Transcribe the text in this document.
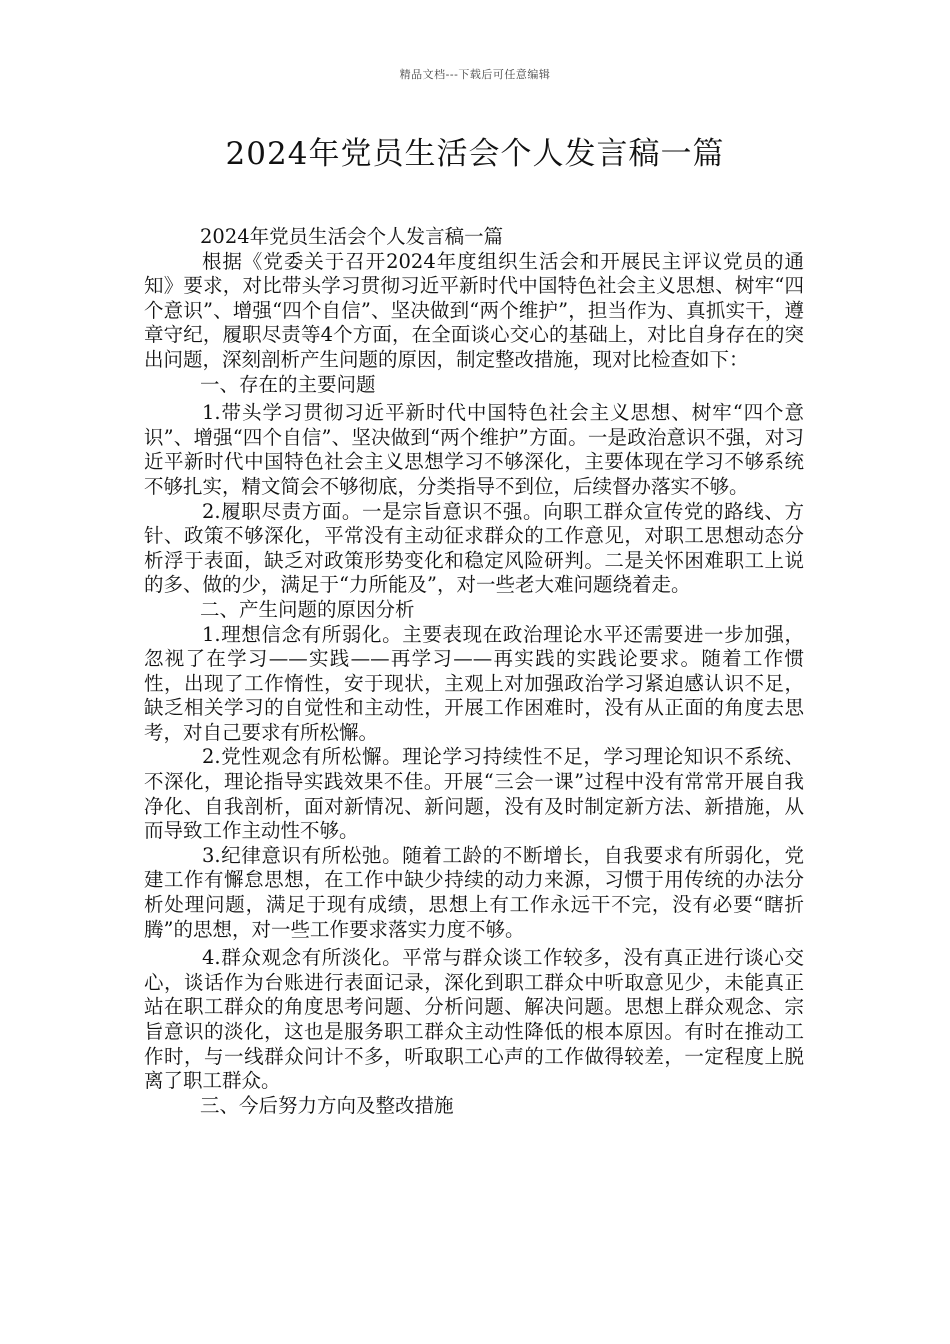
精品文档---下载后可任意编辑
2024年党员生活会个人发言稿一篇

2024年党员生活会个人发言稿一篇

根据《党委关于召开2024年度组织生活会和开展民主评议党员的通知》要求，对比带头学习贯彻习近平新时代中国特色社会主义思想、树牢“四个意识”、增强“四个自信”、坚决做到“两个维护”，担当作为、真抓实干，遵章守纪，履职尽责等4个方面，在全面谈心交心的基础上，对比自身存在的突出问题，深刻剖析产生问题的原因，制定整改措施，现对比检查如下：

一、存在的主要问题

1.带头学习贯彻习近平新时代中国特色社会主义思想、树牢“四个意识”、增强“四个自信”、坚决做到“两个维护”方面。一是政治意识不强，对习近平新时代中国特色社会主义思想学习不够深化，主要体现在学习不够系统不够扎实，精文简会不够彻底，分类指导不到位，后续督办落实不够。

2.履职尽责方面。一是宗旨意识不强。向职工群众宣传党的路线、方针、政策不够深化，平常没有主动征求群众的工作意见，对职工思想动态分析浮于表面，缺乏对政策形势变化和稳定风险研判。二是关怀困难职工上说的多、做的少，满足于“力所能及”，对一些老大难问题绕着走。

二、产生问题的原因分析

1.理想信念有所弱化。主要表现在政治理论水平还需要进一步加强，忽视了在学习——实践——再学习——再实践的实践论要求。随着工作惯性，出现了工作惰性，安于现状，主观上对加强政治学习紧迫感认识不足，缺乏相关学习的自觉性和主动性，开展工作困难时，没有从正面的角度去思考，对自己要求有所松懈。

2.党性观念有所松懈。理论学习持续性不足，学习理论知识不系统、不深化，理论指导实践效果不佳。开展“三会一课”过程中没有常常开展自我净化、自我剖析，面对新情况、新问题，没有及时制定新方法、新措施，从而导致工作主动性不够。

3.纪律意识有所松弛。随着工龄的不断增长，自我要求有所弱化，党建工作有懈怠思想，在工作中缺少持续的动力来源，习惯于用传统的办法分析处理问题，满足于现有成绩，思想上有工作永远干不完，没有必要“瞎折腾”的思想，对一些工作要求落实力度不够。

4.群众观念有所淡化。平常与群众谈工作较多，没有真正进行谈心交心，谈话作为台账进行表面记录，深化到职工群众中听取意见少，未能真正站在职工群众的角度思考问题、分析问题、解决问题。思想上群众观念、宗旨意识的淡化，这也是服务职工群众主动性降低的根本原因。有时在推动工作时，与一线群众问计不多，听取职工心声的工作做得较差，一定程度上脱离了职工群众。

三、今后努力方向及整改措施
